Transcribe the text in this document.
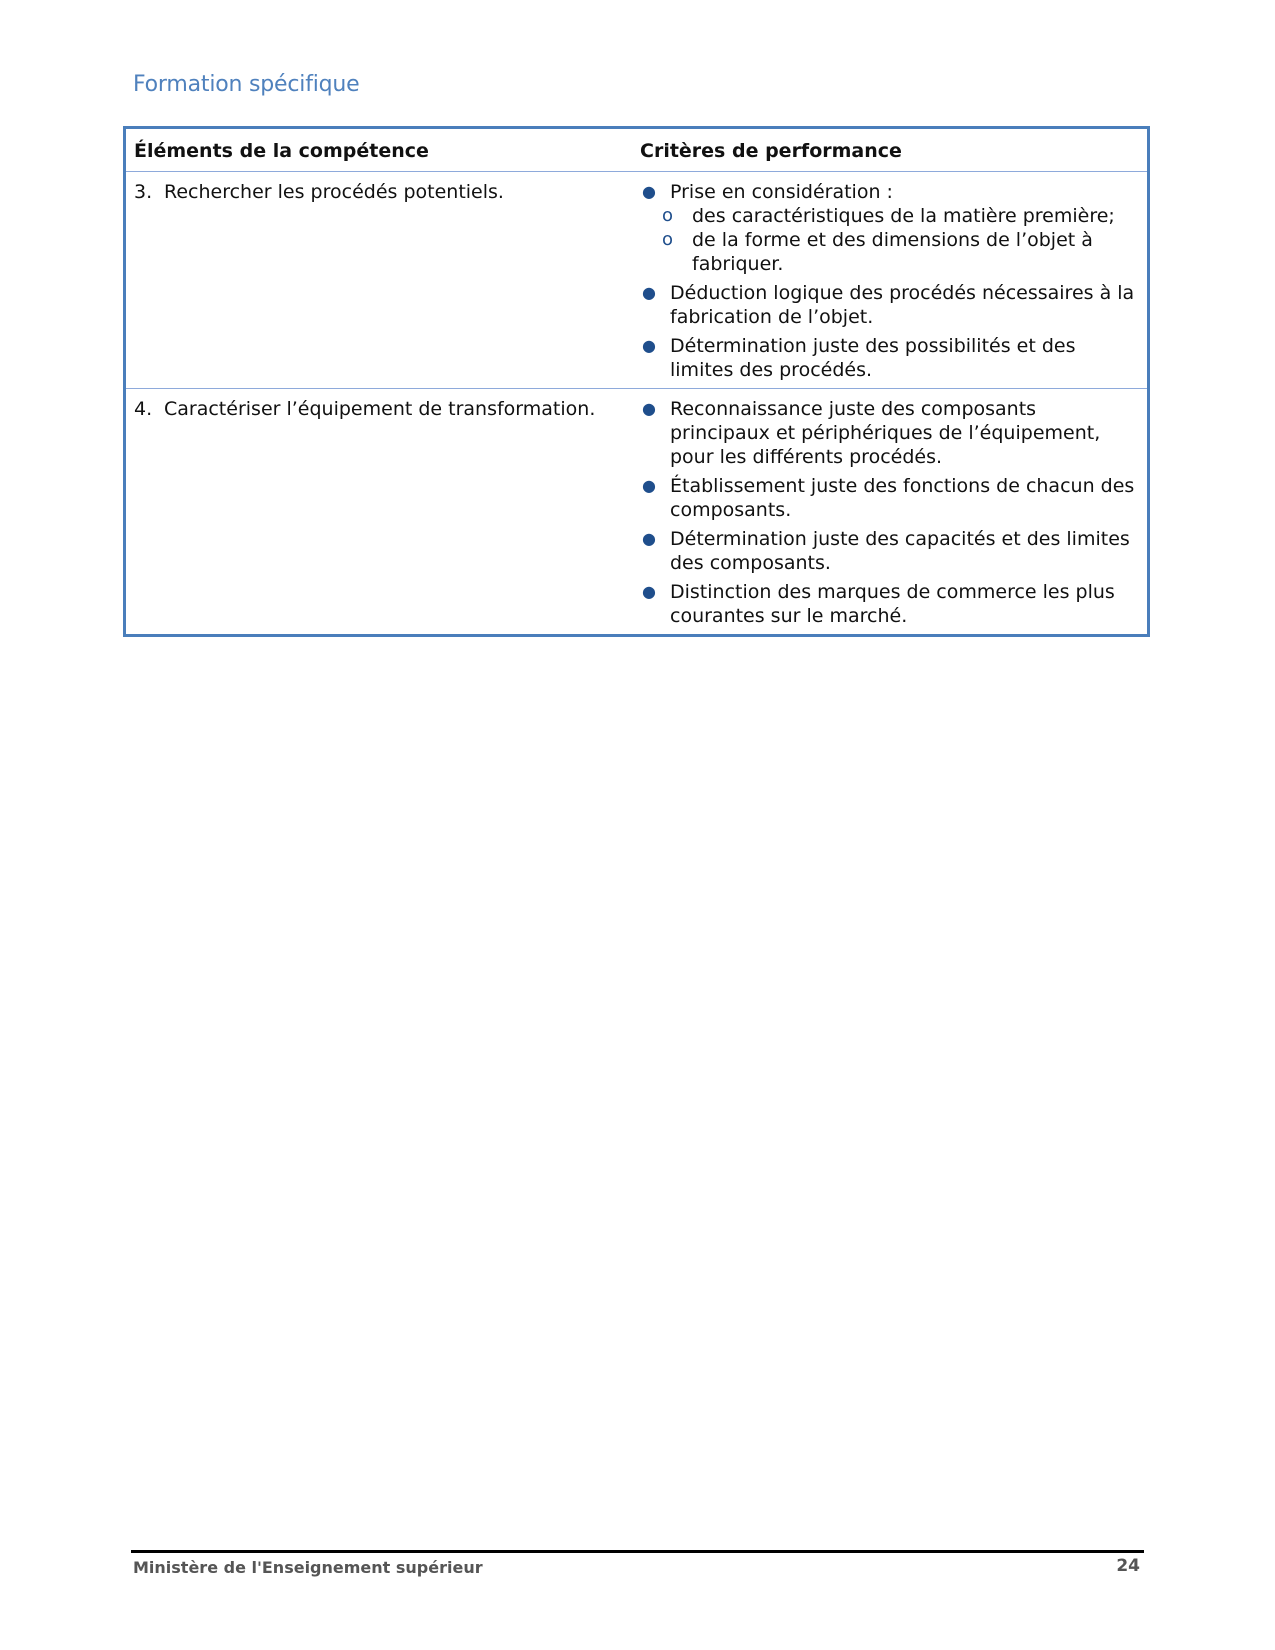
Formation spécifique
Éléments de la compétence	Critères de performance
3. Rechercher les procédés potentiels.	● Prise en considération :
o des caractéristiques de la matière première;
o de la forme et des dimensions de l’objet à fabriquer.
● Déduction logique des procédés nécessaires à la fabrication de l’objet.
● Détermination juste des possibilités et des limites des procédés.
4. Caractériser l’équipement de transformation.	● Reconnaissance juste des composants principaux et périphériques de l’équipement, pour les différents procédés.
● Établissement juste des fonctions de chacun des composants.
● Détermination juste des capacités et des limites des composants.
● Distinction des marques de commerce les plus courantes sur le marché.
Ministère de l'Enseignement supérieur	24
